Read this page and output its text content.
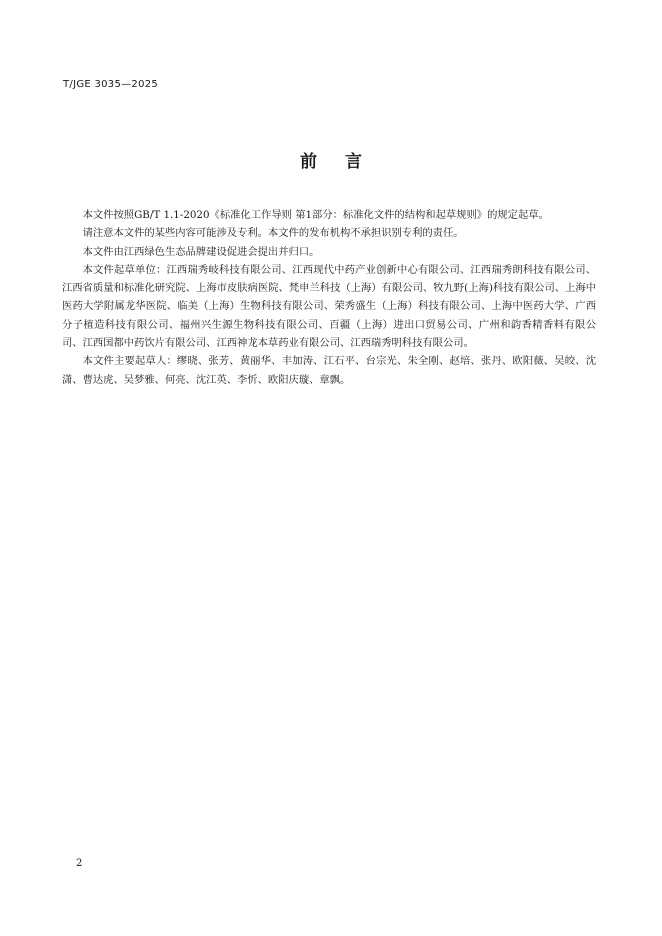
T/JGE 3035—2025
前言

本文件按照GB/T 1.1-2020《标准化工作导则 第1部分：标准化文件的结构和起草规则》的规定起草。

请注意本文件的某些内容可能涉及专利。本文件的发布机构不承担识别专利的责任。

本文件由江西绿色生态品牌建设促进会提出并归口。

本文件起草单位：江西瑞秀岐科技有限公司、江西现代中药产业创新中心有限公司、江西瑞秀朗科技有限公司、江西省质量和标准化研究院、上海市皮肤病医院、梵申兰科技（上海）有限公司、牧九野(上海)科技有限公司、上海中医药大学附属龙华医院、临美（上海）生物科技有限公司、荣秀盛生（上海）科技有限公司、上海中医药大学、广西分子植造科技有限公司、福州兴生源生物科技有限公司、百疆（上海）进出口贸易公司、广州和韵香精香料有限公司、江西国都中药饮片有限公司、江西神龙本草药业有限公司、江西瑞秀明科技有限公司。

本文件主要起草人：缪晓、张芳、黄丽华、丰加涛、江石平、台宗光、朱全刚、赵培、张丹、欧阳薇、吴皎、沈潇、曹达虎、吴梦雅、何亮、沈江英、李忻、欧阳庆璇、章飘。

2
